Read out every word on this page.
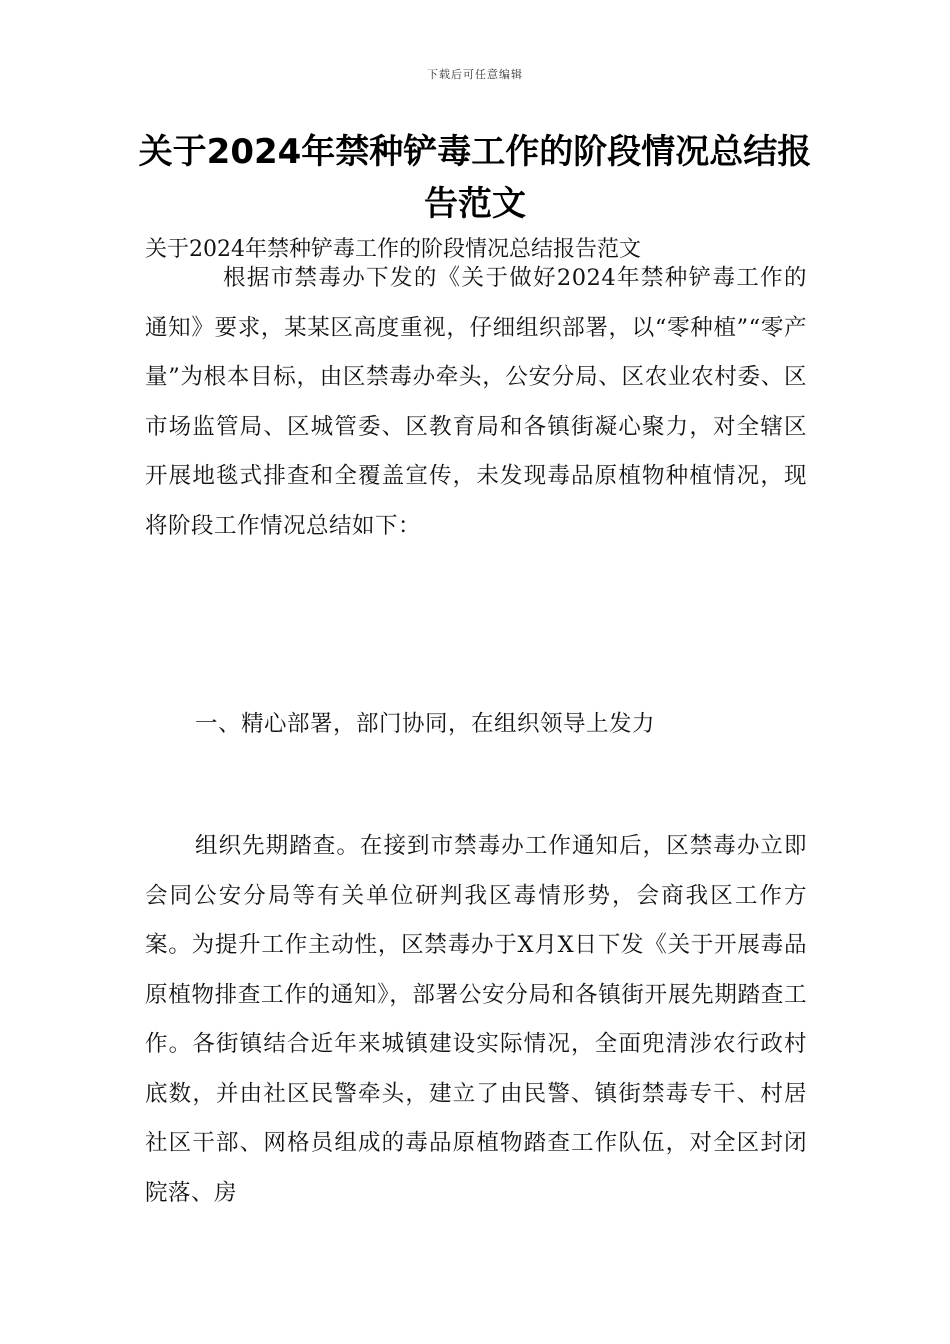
下载后可任意编辑
关于2024年禁种铲毒工作的阶段情况总结报告范文
关于2024年禁种铲毒工作的阶段情况总结报告范文

根据市禁毒办下发的《关于做好2024年禁种铲毒工作的通知》要求，某某区高度重视，仔细组织部署，以“零种植”“零产量”为根本目标，由区禁毒办牵头，公安分局、区农业农村委、区市场监管局、区城管委、区教育局和各镇街凝心聚力，对全辖区开展地毯式排查和全覆盖宣传，未发现毒品原植物种植情况，现将阶段工作情况总结如下：

一、精心部署，部门协同，在组织领导上发力

组织先期踏查。在接到市禁毒办工作通知后，区禁毒办立即会同公安分局等有关单位研判我区毒情形势，会商我区工作方案。为提升工作主动性，区禁毒办于X月X日下发《关于开展毒品原植物排查工作的通知》，部署公安分局和各镇街开展先期踏查工作。各街镇结合近年来城镇建设实际情况，全面兜清涉农行政村底数，并由社区民警牵头，建立了由民警、镇街禁毒专干、村居社区干部、网格员组成的毒品原植物踏查工作队伍，对全区封闭院落、房
